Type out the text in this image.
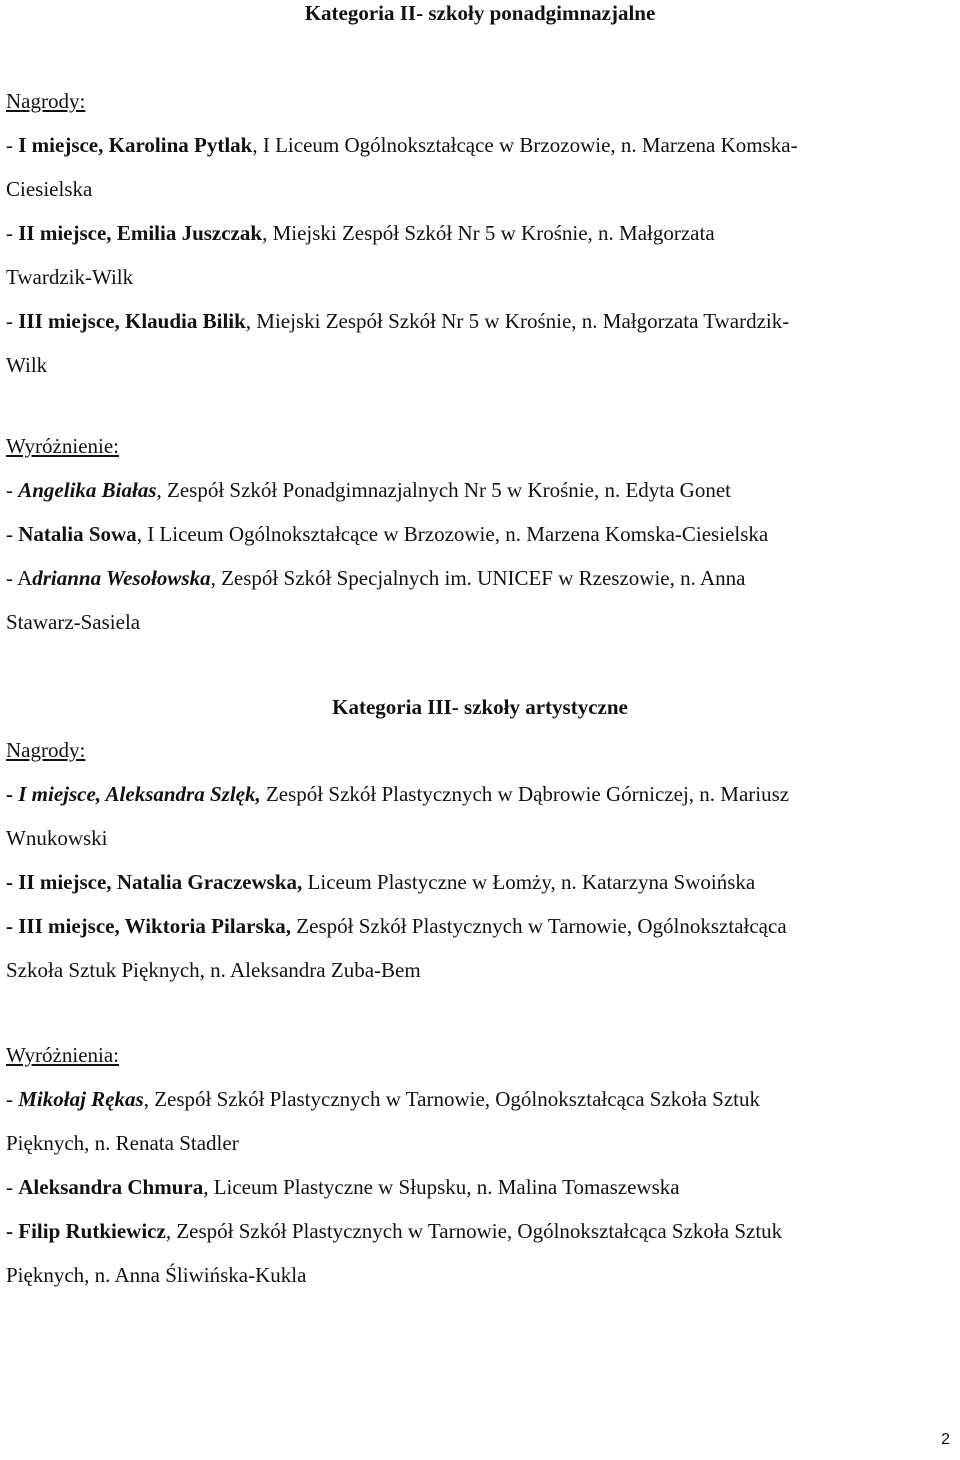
Kategoria II- szkoły ponadgimnazjalne
Nagrody:
- I miejsce, Karolina Pytlak, I Liceum Ogólnokształcące w Brzozowie, n. Marzena Komska-
Ciesielska
- II miejsce, Emilia Juszczak, Miejski Zespół Szkół Nr 5 w Krośnie, n. Małgorzata
Twardzik-Wilk
- III miejsce, Klaudia Bilik, Miejski Zespół Szkół Nr 5 w Krośnie, n. Małgorzata Twardzik-
Wilk
Wyróżnienie:
- Angelika Białas, Zespół Szkół Ponadgimnazjalnych Nr 5 w Krośnie, n. Edyta Gonet
- Natalia Sowa, I Liceum Ogólnokształcące w Brzozowie, n. Marzena Komska-Ciesielska
- Adrianna Wesołowska, Zespół Szkół Specjalnych im. UNICEF w Rzeszowie, n. Anna
Stawarz-Sasiela
Kategoria III- szkoły artystyczne
Nagrody:
- I miejsce, Aleksandra Szlęk, Zespół Szkół Plastycznych w Dąbrowie Górniczej, n. Mariusz
Wnukowski
- II miejsce, Natalia Graczewska, Liceum Plastyczne w Łomży, n. Katarzyna Swoińska
- III miejsce, Wiktoria Pilarska, Zespół Szkół Plastycznych w Tarnowie, Ogólnokształcąca
Szkoła Sztuk Pięknych, n. Aleksandra Zuba-Bem
Wyróżnienia:
- Mikołaj Rękas, Zespół Szkół Plastycznych w Tarnowie, Ogólnokształcąca Szkoła Sztuk
Pięknych, n. Renata Stadler
- Aleksandra Chmura, Liceum Plastyczne w Słupsku, n. Malina Tomaszewska
- Filip Rutkiewicz, Zespół Szkół Plastycznych w Tarnowie, Ogólnokształcąca Szkoła Sztuk
Pięknych, n. Anna Śliwińska-Kukla
2
